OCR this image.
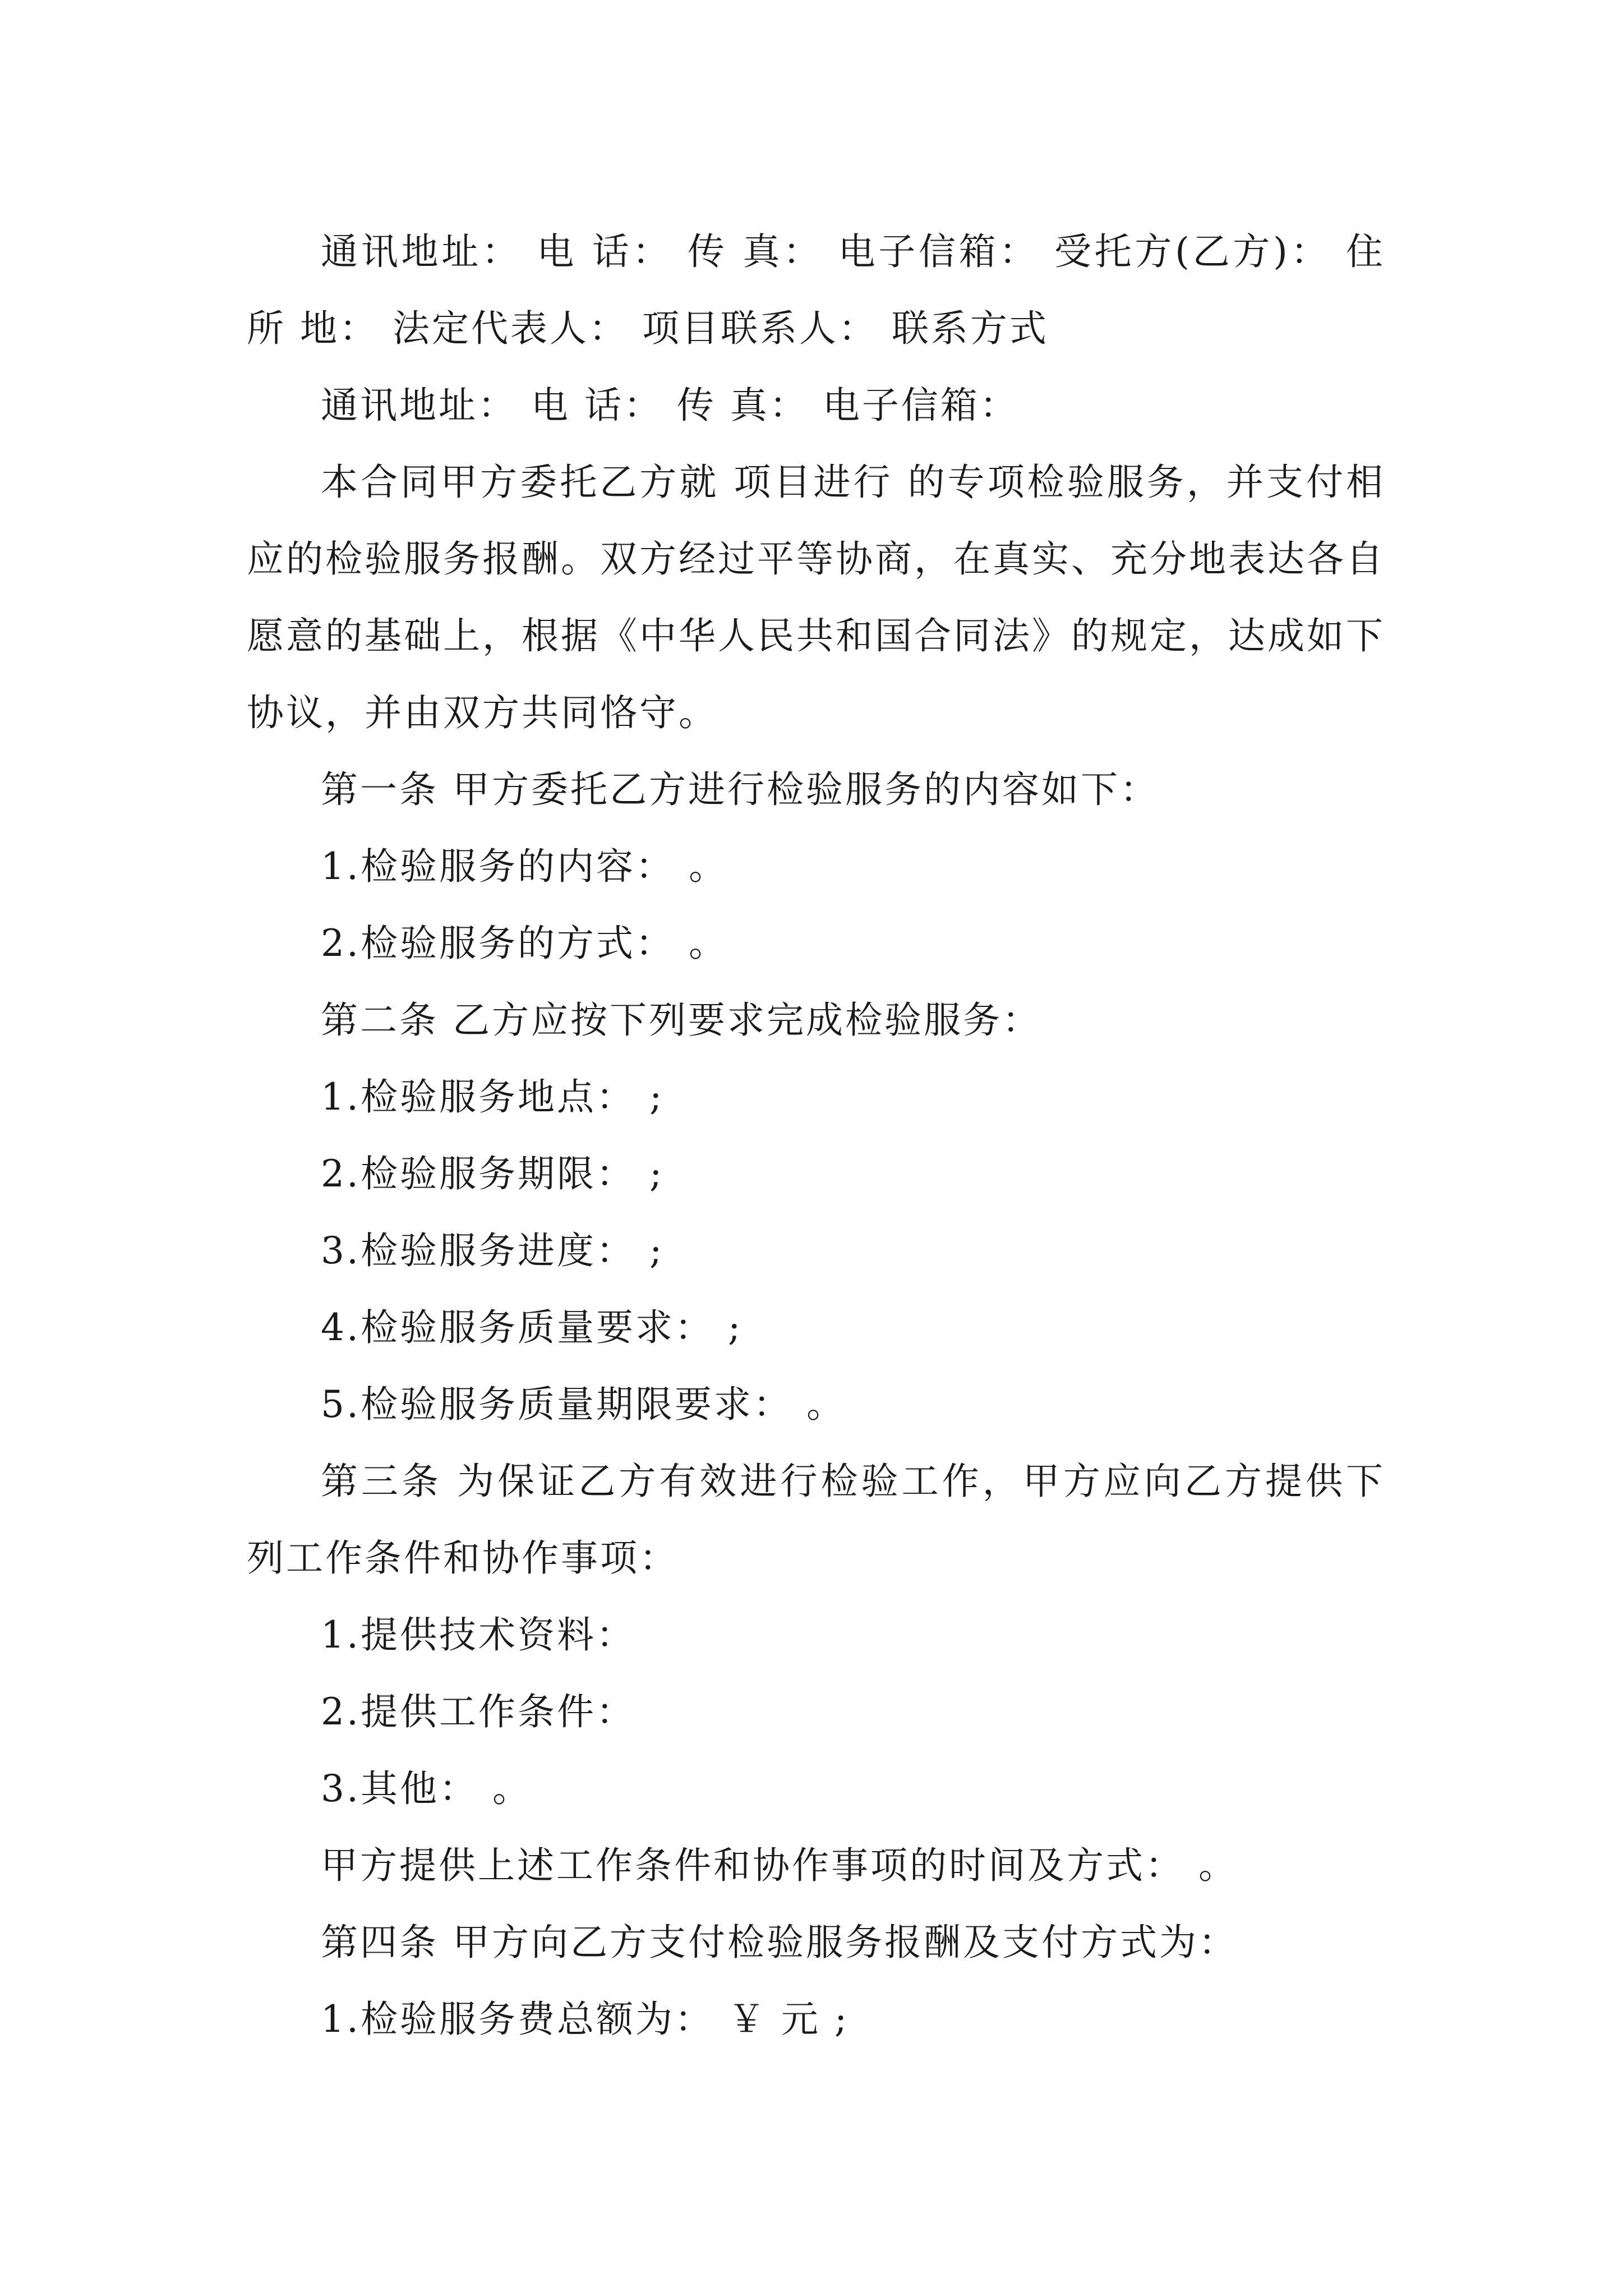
通讯地址： 电 话： 传 真： 电子信箱： 受托方(乙方)： 住 所 地： 法定代表人： 项目联系人： 联系方式

通讯地址： 电 话： 传 真： 电子信箱：

本合同甲方委托乙方就 项目进行 的专项检验服务，并支付相应的检验服务报酬。双方经过平等协商，在真实、充分地表达各自愿意的基础上，根据《中华人民共和国合同法》的规定，达成如下协议，并由双方共同恪守。

第一条 甲方委托乙方进行检验服务的内容如下：

1.检验服务的内容： 。

2.检验服务的方式： 。

第二条 乙方应按下列要求完成检验服务：

1.检验服务地点： ;

2.检验服务期限： ;

3.检验服务进度： ;

4.检验服务质量要求： ;

5.检验服务质量期限要求： 。

第三条 为保证乙方有效进行检验工作，甲方应向乙方提供下列工作条件和协作事项：

1.提供技术资料：

2.提供工作条件：

3.其他： 。

甲方提供上述工作条件和协作事项的时间及方式： 。

第四条 甲方向乙方支付检验服务报酬及支付方式为：

1.检验服务费总额为： ￥ 元 ;
